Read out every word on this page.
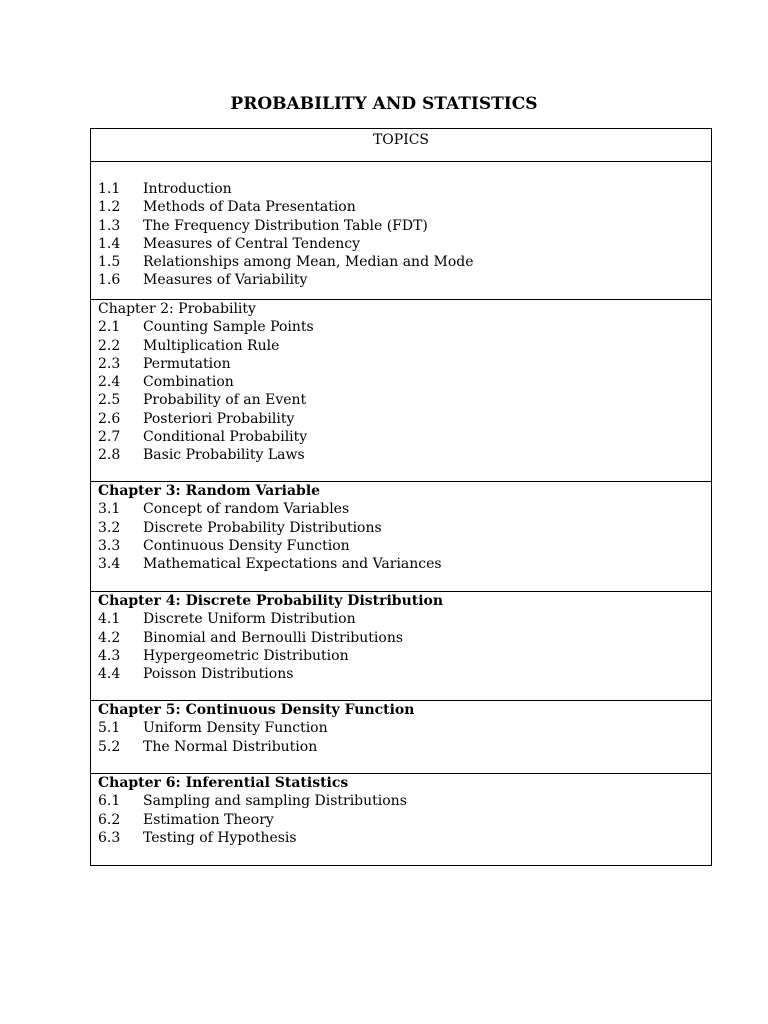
PROBABILITY AND STATISTICS
TOPICS
1.1 Introduction
1.2 Methods of Data Presentation
1.3 The Frequency Distribution Table (FDT)
1.4 Measures of Central Tendency
1.5 Relationships among Mean, Median and Mode
1.6 Measures of Variability
Chapter 2: Probability
2.1 Counting Sample Points
2.2 Multiplication Rule
2.3 Permutation
2.4 Combination
2.5 Probability of an Event
2.6 Posteriori Probability
2.7 Conditional Probability
2.8 Basic Probability Laws
Chapter 3: Random Variable
3.1 Concept of random Variables
3.2 Discrete Probability Distributions
3.3 Continuous Density Function
3.4 Mathematical Expectations and Variances
Chapter 4: Discrete Probability Distribution
4.1 Discrete Uniform Distribution
4.2 Binomial and Bernoulli Distributions
4.3 Hypergeometric Distribution
4.4 Poisson Distributions
Chapter 5: Continuous Density Function
5.1 Uniform Density Function
5.2 The Normal Distribution
Chapter 6: Inferential Statistics
6.1 Sampling and sampling Distributions
6.2 Estimation Theory
6.3 Testing of Hypothesis
